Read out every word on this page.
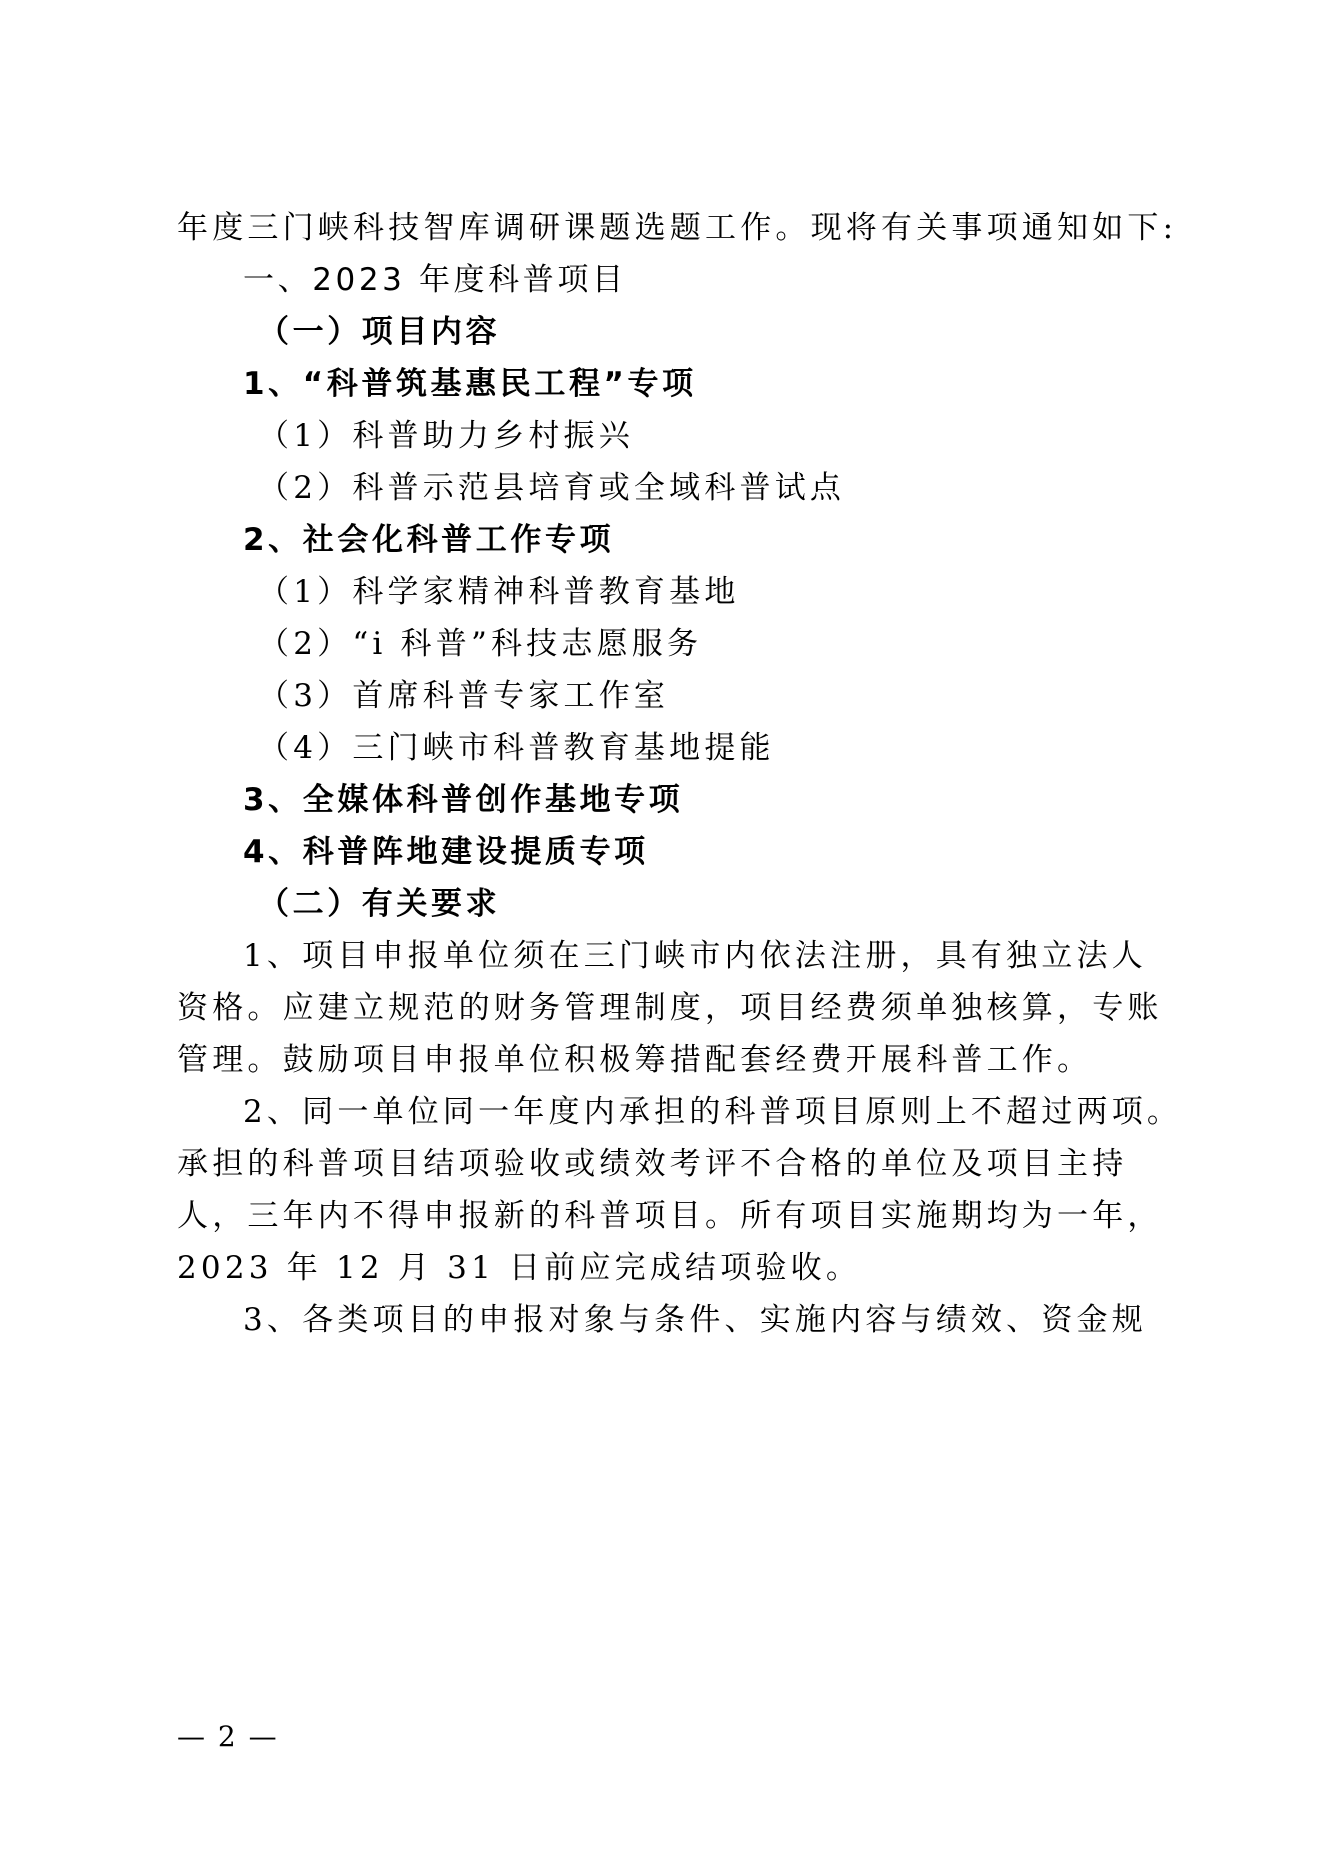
年度三门峡科技智库调研课题选题工作。现将有关事项通知如下:
一、2023 年度科普项目
（一）项目内容
1、“科普筑基惠民工程”专项
（1）科普助力乡村振兴
（2）科普示范县培育或全域科普试点
2、社会化科普工作专项
（1）科学家精神科普教育基地
（2）“i 科普”科技志愿服务
（3）首席科普专家工作室
（4）三门峡市科普教育基地提能
3、全媒体科普创作基地专项
4、科普阵地建设提质专项
（二）有关要求
1、项目申报单位须在三门峡市内依法注册，具有独立法人
资格。应建立规范的财务管理制度，项目经费须单独核算，专账
管理。鼓励项目申报单位积极筹措配套经费开展科普工作。
2、同一单位同一年度内承担的科普项目原则上不超过两项。
承担的科普项目结项验收或绩效考评不合格的单位及项目主持
人，三年内不得申报新的科普项目。所有项目实施期均为一年，
2023 年 12 月 31 日前应完成结项验收。
3、各类项目的申报对象与条件、实施内容与绩效、资金规
— 2 —
